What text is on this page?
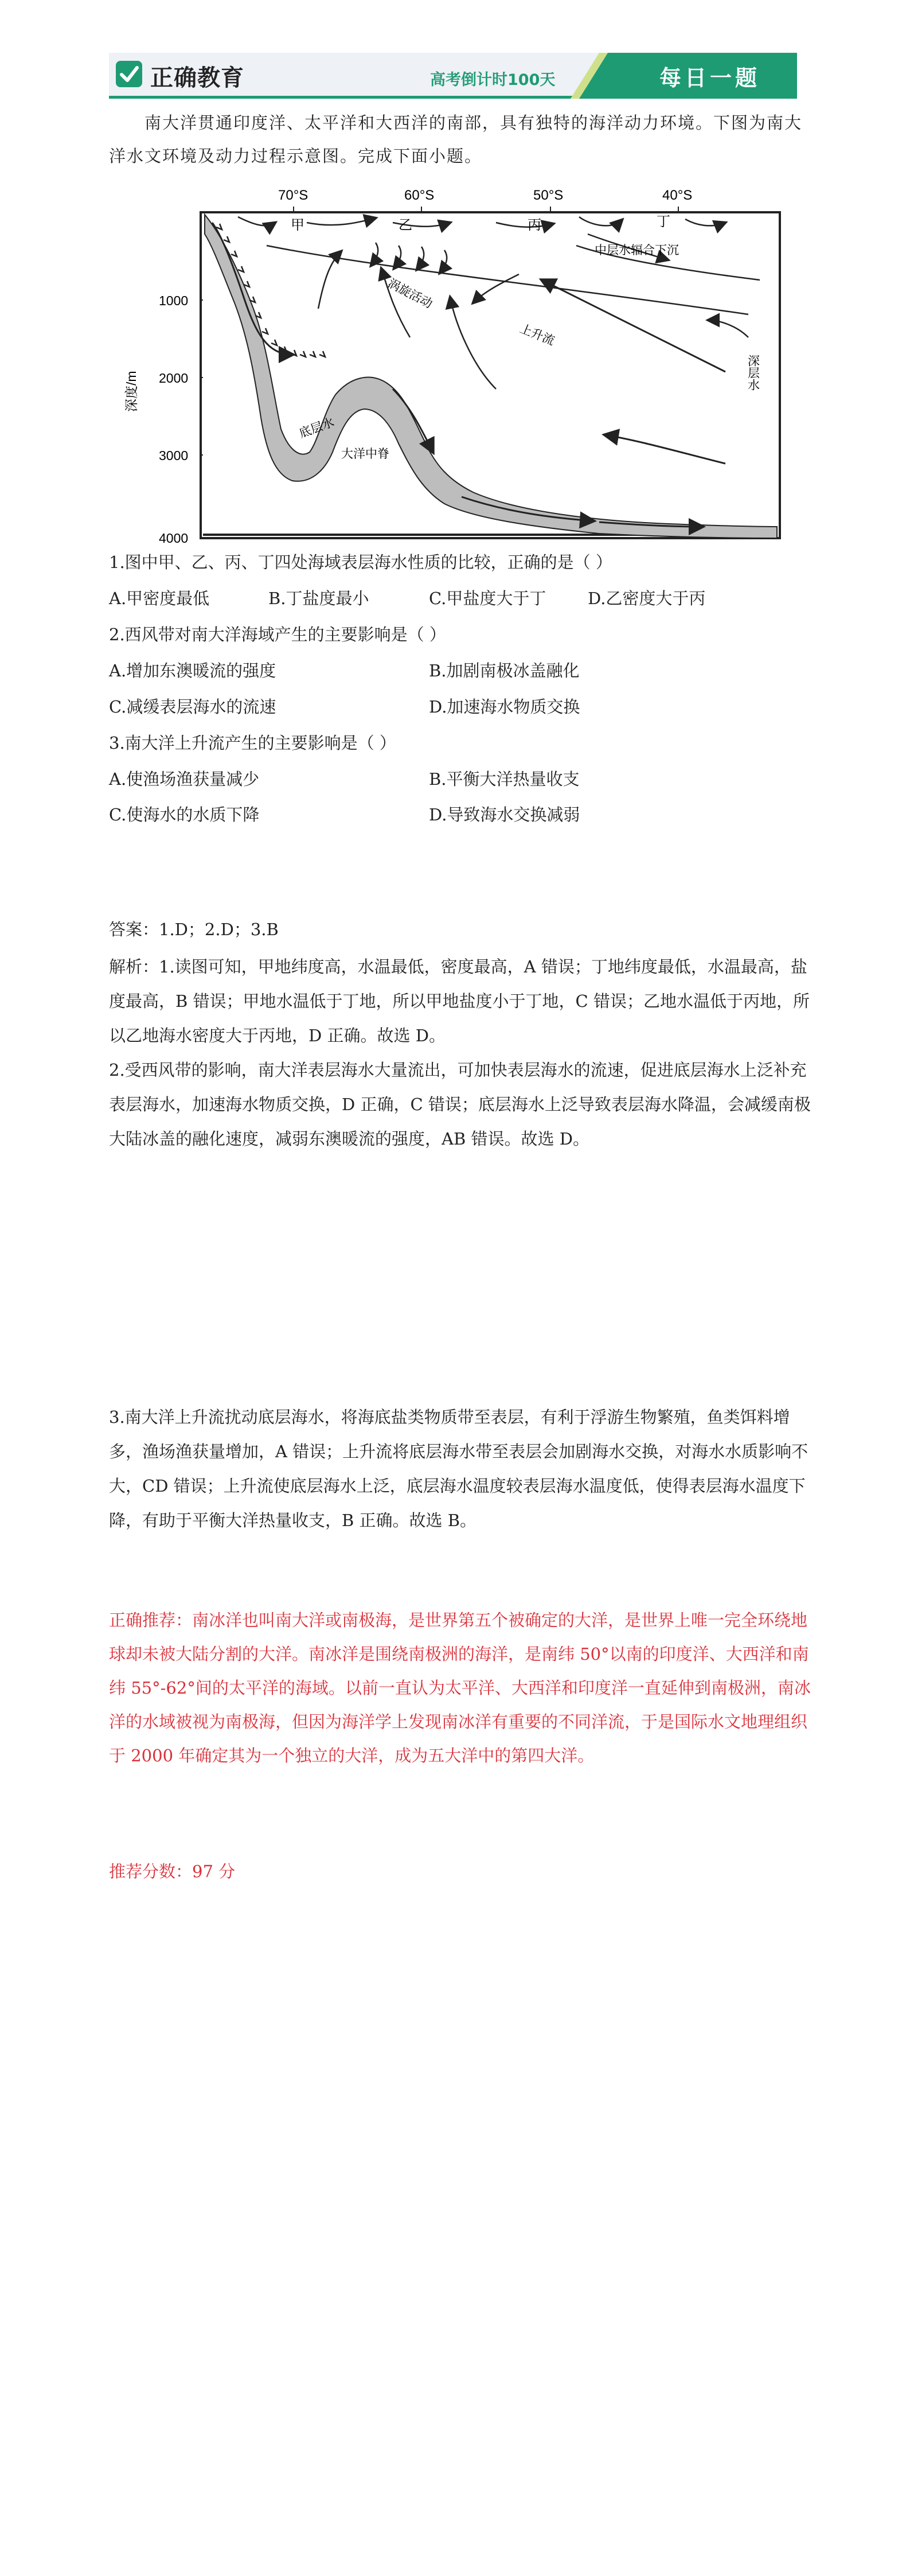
正确教育	高考倒计时100天	每日一题
南大洋贯通印度洋、太平洋和大西洋的南部，具有独特的海洋动力环境。下图为南大洋水文环境及动力过程示意图。完成下面小题。
70°S	60°S	50°S	40°S
1000
2000
3000
4000
深度/m
甲	乙	丙	丁
中层水辐合下沉
涡旋活动
上升流
底层水
大洋中脊
深层水
1.图中甲、乙、丙、丁四处海域表层海水性质的比较，正确的是（ ）
A.甲密度最低	B.丁盐度最小	C.甲盐度大于丁	D.乙密度大于丙
2.西风带对南大洋海域产生的主要影响是（ ）
A.增加东澳暖流的强度	B.加剧南极冰盖融化
C.减缓表层海水的流速	D.加速海水物质交换
3.南大洋上升流产生的主要影响是（ ）
A.使渔场渔获量减少	B.平衡大洋热量收支
C.使海水的水质下降	D.导致海水交换减弱
答案：1.D；2.D；3.B
解析：1.读图可知，甲地纬度高，水温最低，密度最高，A 错误；丁地纬度最低，水温最高，盐度最高，B 错误；甲地水温低于丁地，所以甲地盐度小于丁地，C 错误；乙地水温低于丙地，所以乙地海水密度大于丙地，D 正确。故选 D。
2.受西风带的影响，南大洋表层海水大量流出，可加快表层海水的流速，促进底层海水上泛补充表层海水，加速海水物质交换，D 正确，C 错误；底层海水上泛导致表层海水降温，会减缓南极大陆冰盖的融化速度，减弱东澳暖流的强度，AB 错误。故选 D。
3.南大洋上升流扰动底层海水，将海底盐类物质带至表层，有利于浮游生物繁殖，鱼类饵料增多，渔场渔获量增加，A 错误；上升流将底层海水带至表层会加剧海水交换，对海水水质影响不大，CD 错误；上升流使底层海水上泛，底层海水温度较表层海水温度低，使得表层海水温度下降，有助于平衡大洋热量收支，B 正确。故选 B。
正确推荐：南冰洋也叫南大洋或南极海，是世界第五个被确定的大洋，是世界上唯一完全环绕地球却未被大陆分割的大洋。南冰洋是围绕南极洲的海洋，是南纬 50°以南的印度洋、大西洋和南纬 55°-62°间的太平洋的海域。以前一直认为太平洋、大西洋和印度洋一直延伸到南极洲，南冰洋的水域被视为南极海，但因为海洋学上发现南冰洋有重要的不同洋流，于是国际水文地理组织于 2000 年确定其为一个独立的大洋，成为五大洋中的第四大洋。
推荐分数：97 分
